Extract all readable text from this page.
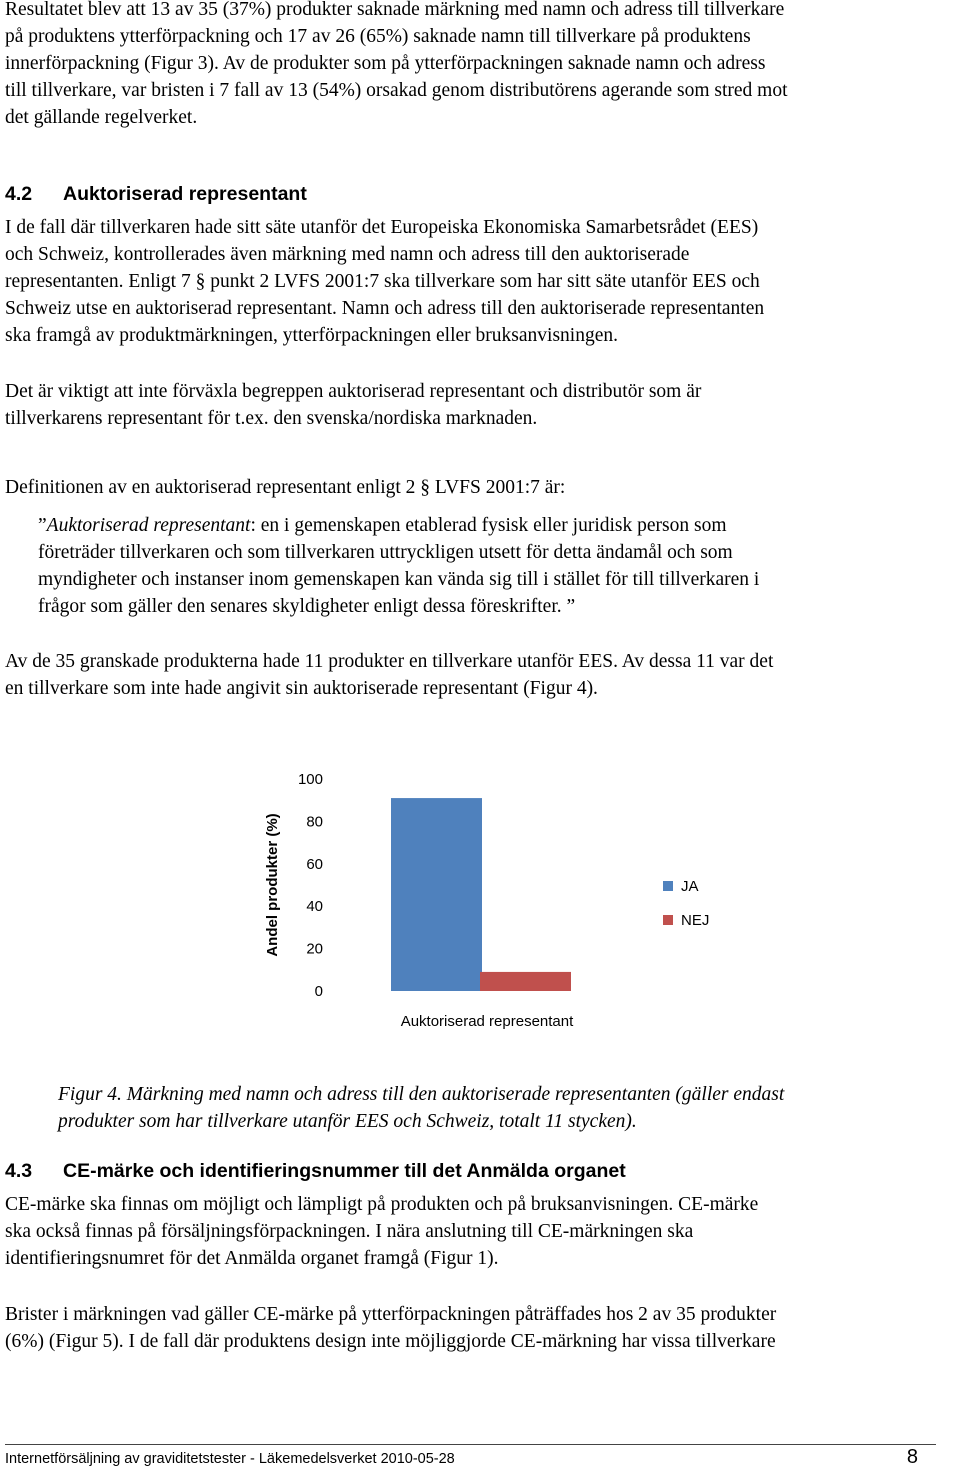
Resultatet blev att 13 av 35 (37%) produkter saknade märkning med namn och adress till tillverkare
på produktens ytterförpackning och 17 av 26 (65%) saknade namn till tillverkare på produktens
innerförpackning (Figur 3). Av de produkter som på ytterförpackningen saknade namn och adress
till tillverkare, var bristen i 7 fall av 13 (54%) orsakad genom distributörens agerande som stred mot
det gällande regelverket.
4.2 Auktoriserad representant
I de fall där tillverkaren hade sitt säte utanför det Europeiska Ekonomiska Samarbetsrådet (EES)
och Schweiz, kontrollerades även märkning med namn och adress till den auktoriserade
representanten. Enligt 7 § punkt 2 LVFS 2001:7 ska tillverkare som har sitt säte utanför EES och
Schweiz utse en auktoriserad representant. Namn och adress till den auktoriserade representanten
ska framgå av produktmärkningen, ytterförpackningen eller bruksanvisningen.
Det är viktigt att inte förväxla begreppen auktoriserad representant och distributör som är
tillverkarens representant för t.ex. den svenska/nordiska marknaden.
Definitionen av en auktoriserad representant enligt 2 § LVFS 2001:7 är:
”Auktoriserad representant: en i gemenskapen etablerad fysisk eller juridisk person som
företräder tillverkaren och som tillverkaren uttryckligen utsett för detta ändamål och som
myndigheter och instanser inom gemenskapen kan vända sig till i stället för till tillverkaren i
frågor som gäller den senares skyldigheter enligt dessa föreskrifter. ”
Av de 35 granskade produkterna hade 11 produkter en tillverkare utanför EES. Av dessa 11 var det
en tillverkare som inte hade angivit sin auktoriserade representant (Figur 4).
Andel produkter (%)
0
20
40
60
80
100
Auktoriserad representant
JA
NEJ
Figur 4. Märkning med namn och adress till den auktoriserade representanten (gäller endast
produkter som har tillverkare utanför EES och Schweiz, totalt 11 stycken).
4.3 CE-märke och identifieringsnummer till det Anmälda organet
CE-märke ska finnas om möjligt och lämpligt på produkten och på bruksanvisningen. CE-märke
ska också finnas på försäljningsförpackningen. I nära anslutning till CE-märkningen ska
identifieringsnumret för det Anmälda organet framgå (Figur 1).
Brister i märkningen vad gäller CE-märke på ytterförpackningen påträffades hos 2 av 35 produkter
(6%) (Figur 5). I de fall där produktens design inte möjliggjorde CE-märkning har vissa tillverkare
Internetförsäljning av graviditetstester - Läkemedelsverket 2010-05-28	8
